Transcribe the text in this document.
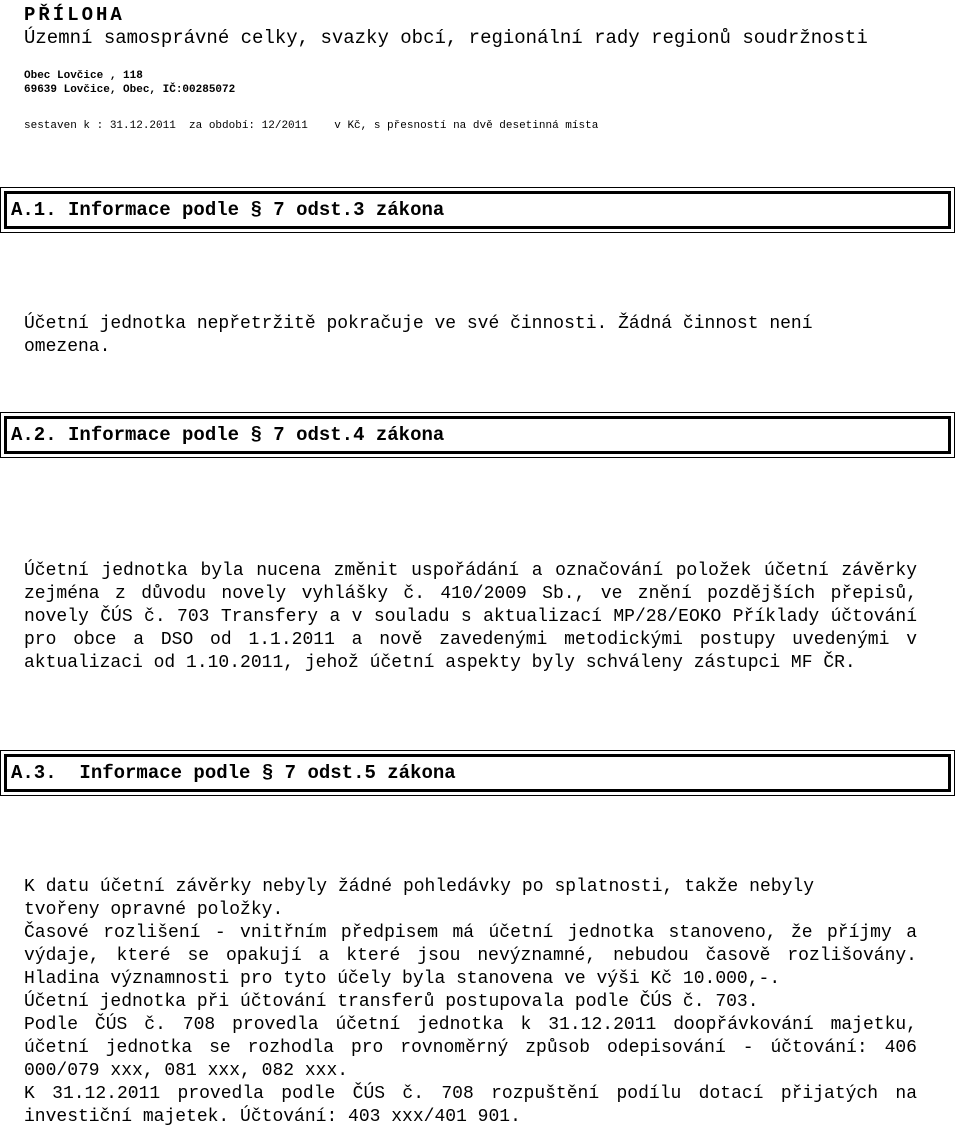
PŘÍLOHA
Územní samosprávné celky, svazky obcí, regionální rady regionů soudržnosti
Obec Lovčice , 118
69639 Lovčice, Obec, IČ:00285072
sestaven k : 31.12.2011  za období: 12/2011    v Kč, s přesností na dvě desetinná místa
A.1. Informace podle § 7 odst.3 zákona

Účetní jednotka nepřetržitě pokračuje ve své činnosti. Žádná činnost není omezena.

A.2. Informace podle § 7 odst.4 zákona

Účetní jednotka byla nucena změnit uspořádání a označování položek účetní závěrky zejména z důvodu novely vyhlášky č. 410/2009 Sb., ve znění pozdějších přepisů, novely ČÚS č. 703 Transfery a v souladu s aktualizací MP/28/EOKO Příklady účtování pro obce a DSO od 1.1.2011 a nově zavedenými metodickými postupy uvedenými v aktualizaci od 1.10.2011, jehož účetní aspekty byly schváleny zástupci MF ČR.

A.3.  Informace podle § 7 odst.5 zákona

K datu účetní závěrky nebyly žádné pohledávky po splatnosti, takže nebyly tvořeny opravné položky.

Časové rozlišení - vnitřním předpisem má účetní jednotka stanoveno, že příjmy a výdaje, které se opakují a které jsou nevýznamné, nebudou časově rozlišovány. Hladina významnosti pro tyto účely byla stanovena ve výši Kč 10.000,-.

Účetní jednotka při účtování transferů postupovala podle ČÚS č. 703.

Podle ČÚS č. 708 provedla účetní jednotka k 31.12.2011 doopřávkování majetku, účetní jednotka se rozhodla pro rovnoměrný způsob odepisování - účtování: 406 000/079 xxx, 081 xxx, 082 xxx.

K 31.12.2011 provedla podle ČÚS č. 708 rozpuštění podílu dotací přijatých na investiční majetek. Účtování: 403 xxx/401 901.
